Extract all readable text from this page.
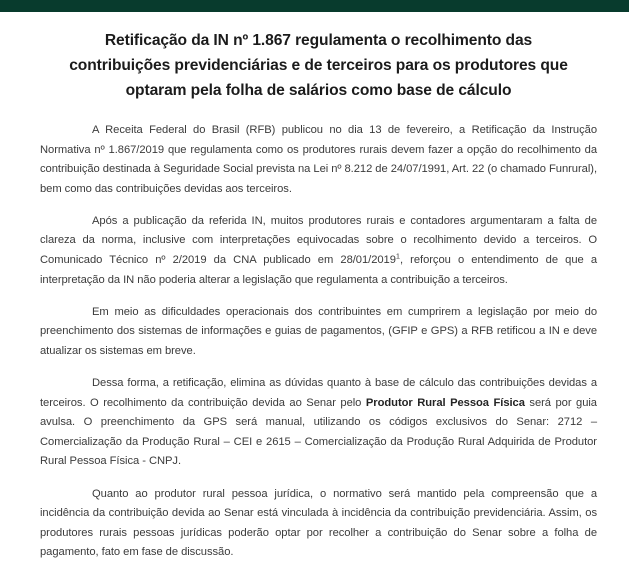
Retificação da IN nº 1.867 regulamenta o recolhimento das contribuições previdenciárias e de terceiros para os produtores que optaram pela folha de salários como base de cálculo

A Receita Federal do Brasil (RFB) publicou no dia 13 de fevereiro, a Retificação da Instrução Normativa nº 1.867/2019 que regulamenta como os produtores rurais devem fazer a opção do recolhimento da contribuição destinada à Seguridade Social prevista na Lei nº 8.212 de 24/07/1991, Art. 22 (o chamado Funrural), bem como das contribuições devidas aos terceiros.

Após a publicação da referida IN, muitos produtores rurais e contadores argumentaram a falta de clareza da norma, inclusive com interpretações equivocadas sobre o recolhimento devido a terceiros. O Comunicado Técnico nº 2/2019 da CNA publicado em 28/01/2019$^1$, reforçou o entendimento de que a interpretação da IN não poderia alterar a legislação que regulamenta a contribuição a terceiros.

Em meio as dificuldades operacionais dos contribuintes em cumprirem a legislação por meio do preenchimento dos sistemas de informações e guias de pagamentos, (GFIP e GPS) a RFB retificou a IN e deve atualizar os sistemas em breve.

Dessa forma, a retificação, elimina as dúvidas quanto à base de cálculo das contribuições devidas a terceiros. O recolhimento da contribuição devida ao Senar pelo Produtor Rural Pessoa Física será por guia avulsa. O preenchimento da GPS será manual, utilizando os códigos exclusivos do Senar: 2712 – Comercialização da Produção Rural – CEI e 2615 – Comercialização da Produção Rural Adquirida de Produtor Rural Pessoa Física - CNPJ.

Quanto ao produtor rural pessoa jurídica, o normativo será mantido pela compreensão que a incidência da contribuição devida ao Senar está vinculada à incidência da contribuição previdenciária. Assim, os produtores rurais pessoas jurídicas poderão optar por recolher a contribuição do Senar sobre a folha de pagamento, fato em fase de discussão.
